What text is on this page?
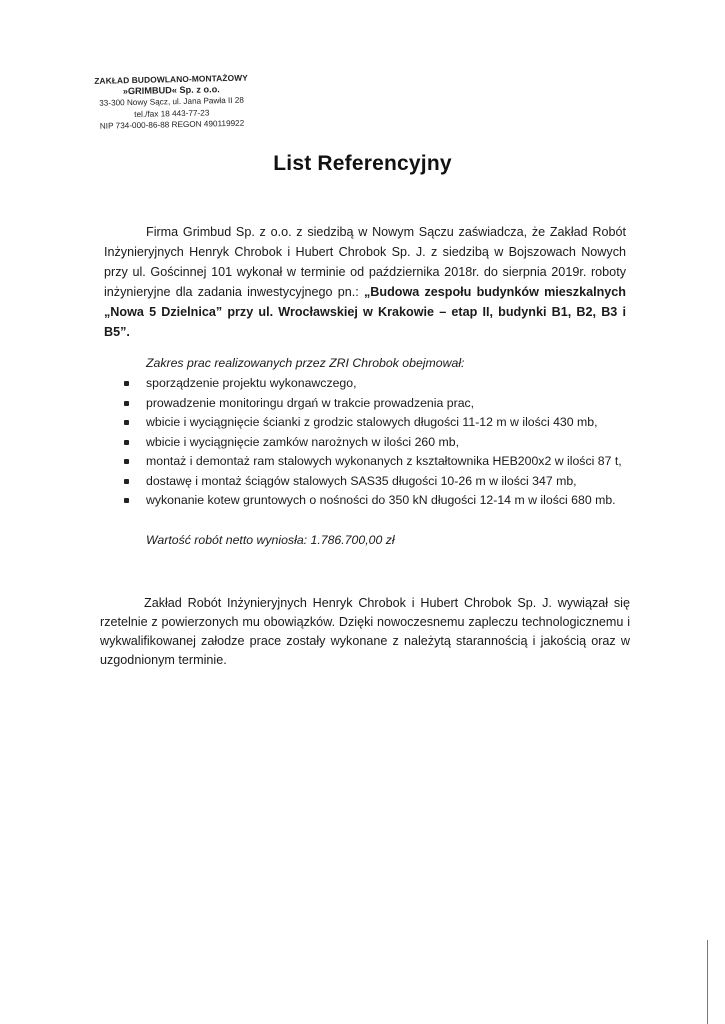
ZAKŁAD BUDOWLANO-MONTAŻOWY
»GRIMBUD« Sp. z o.o.
33-300 Nowy Sącz, ul. Jana Pawła II 28
tel./fax 18 443-77-23
NIP 734-000-86-88 REGON 490119922
List Referencyjny
Firma Grimbud Sp. z o.o. z siedzibą w Nowym Sączu zaświadcza, że Zakład Robót Inżynieryjnych Henryk Chrobok i Hubert Chrobok Sp. J. z siedzibą w Bojszowach Nowych przy ul. Gościnnej 101 wykonał w terminie od października 2018r. do sierpnia 2019r. roboty inżynieryjne dla zadania inwestycyjnego pn.: „Budowa zespołu budynków mieszkalnych „Nowa 5 Dzielnica” przy ul. Wrocławskiej w Krakowie – etap II, budynki B1, B2, B3 i B5”.
Zakres prac realizowanych przez ZRI Chrobok obejmował:
sporządzenie projektu wykonawczego,
prowadzenie monitoringu drgań w trakcie prowadzenia prac,
wbicie i wyciągnięcie ścianki z grodzic stalowych długości 11-12 m w ilości 430 mb,
wbicie i wyciągnięcie zamków narożnych w ilości 260 mb,
montaż i demontaż ram stalowych wykonanych z kształtownika HEB200x2 w ilości 87 t,
dostawę i montaż ściągów stalowych SAS35 długości 10-26 m w ilości 347 mb,
wykonanie kotew gruntowych o nośności do 350 kN długości 12-14 m w ilości 680 mb.
Wartość robót netto wyniosła: 1.786.700,00 zł
Zakład Robót Inżynieryjnych Henryk Chrobok i Hubert Chrobok Sp. J. wywiązał się rzetelnie z powierzonych mu obowiązków. Dzięki nowoczesnemu zapleczu technologicznemu i wykwalifikowanej załodze prace zostały wykonane z należytą starannością i jakością oraz w uzgodnionym terminie.
